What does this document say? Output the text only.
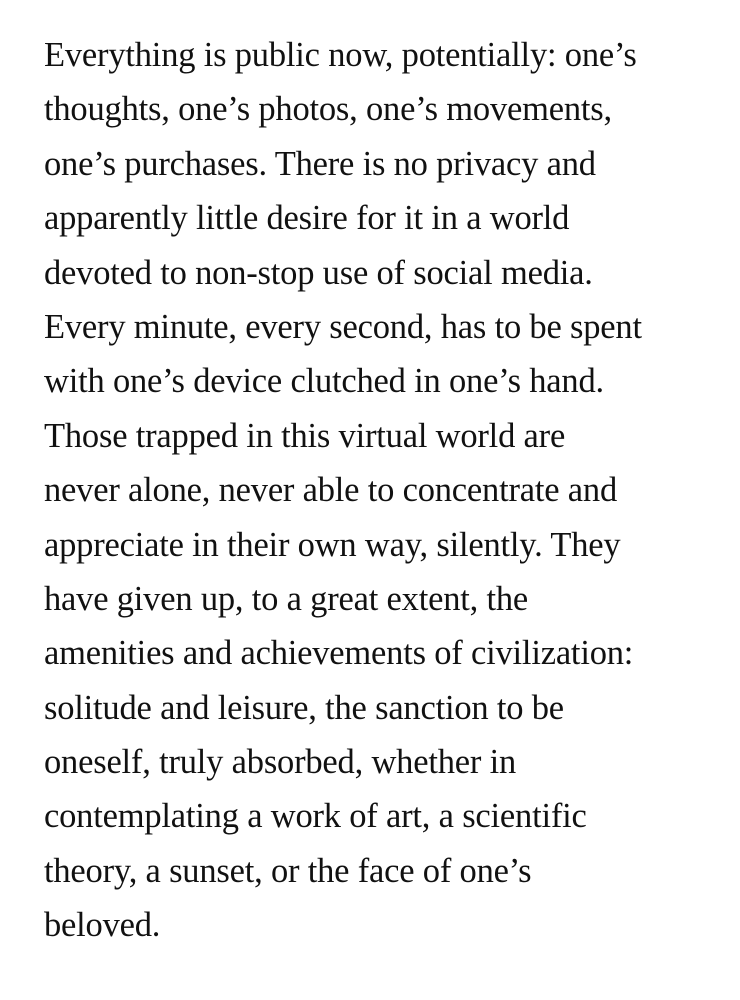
Everything is public now, potentially: one’s
thoughts, one’s photos, one’s movements,
one’s purchases. There is no privacy and
apparently little desire for it in a world
devoted to non-stop use of social media.
Every minute, every second, has to be spent
with one’s device clutched in one’s hand.
Those trapped in this virtual world are
never alone, never able to concentrate and
appreciate in their own way, silently. They
have given up, to a great extent, the
amenities and achievements of civilization:
solitude and leisure, the sanction to be
oneself, truly absorbed, whether in
contemplating a work of art, a scientific
theory, a sunset, or the face of one’s
beloved.
